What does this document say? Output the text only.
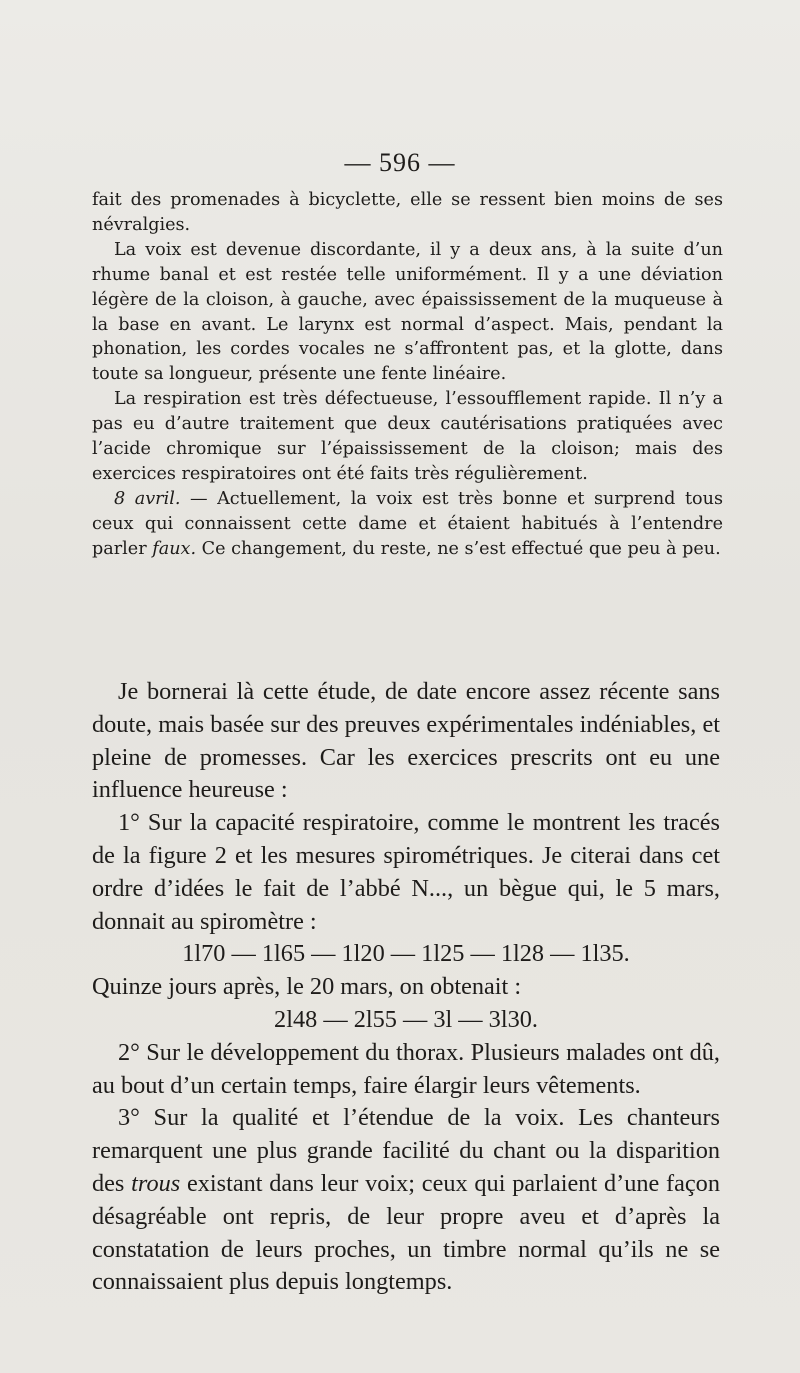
— 596 —

fait des promenades à bicyclette, elle se ressent bien moins de ses névralgies.

La voix est devenue discordante, il y a deux ans, à la suite d’un rhume banal et est restée telle uniformément. Il y a une déviation légère de la cloison, à gauche, avec épaississement de la muqueuse à la base en avant. Le larynx est normal d’aspect. Mais, pendant la phonation, les cordes vocales ne s’affrontent pas, et la glotte, dans toute sa longueur, présente une fente linéaire.

La respiration est très défectueuse, l’essoufflement rapide. Il n’y a pas eu d’autre traitement que deux cautérisations pratiquées avec l’acide chromique sur l’épaississement de la cloison; mais des exercices respiratoires ont été faits très régulièrement.

8 avril. — Actuellement, la voix est très bonne et surprend tous ceux qui connaissent cette dame et étaient habitués à l’entendre parler faux. Ce changement, du reste, ne s’est effectué que peu à peu.

Je bornerai là cette étude, de date encore assez récente sans doute, mais basée sur des preuves expérimentales indéniables, et pleine de promesses. Car les exercices prescrits ont eu une influence heureuse :

1° Sur la capacité respiratoire, comme le montrent les tracés de la figure 2 et les mesures spirométriques. Je citerai dans cet ordre d’idées le fait de l’abbé N..., un bègue qui, le 5 mars, donnait au spiromètre :

1l70 — 1l65 — 1l20 — 1l25 — 1l28 — 1l35.

Quinze jours après, le 20 mars, on obtenait :

2l48 — 2l55 — 3l — 3l30.

2° Sur le développement du thorax. Plusieurs malades ont dû, au bout d’un certain temps, faire élargir leurs vêtements.

3° Sur la qualité et l’étendue de la voix. Les chanteurs remarquent une plus grande facilité du chant ou la disparition des trous existant dans leur voix; ceux qui parlaient d’une façon désagréable ont repris, de leur propre aveu et d’après la constatation de leurs proches, un timbre normal qu’ils ne se connaissaient plus depuis longtemps.
